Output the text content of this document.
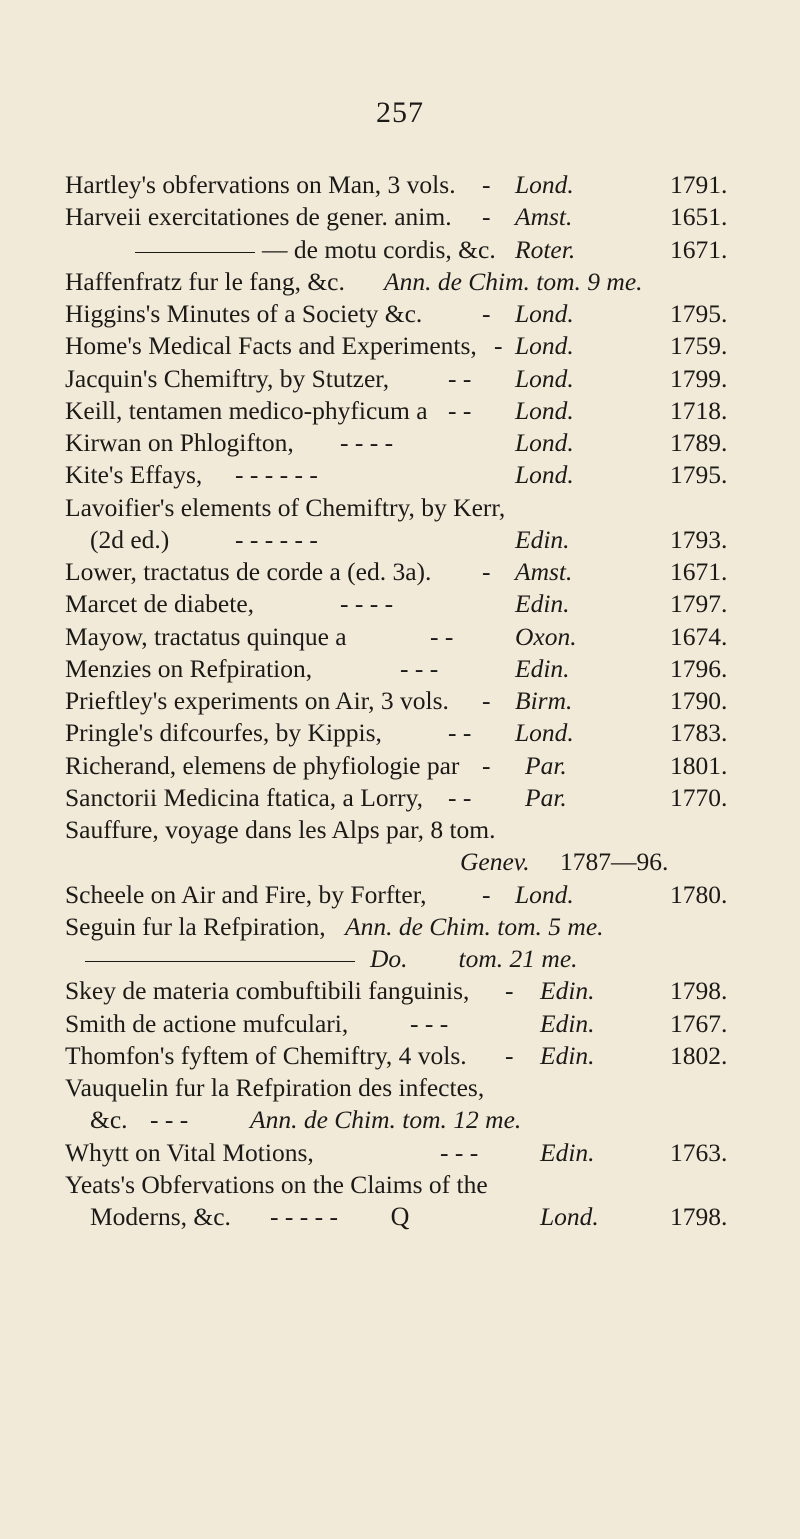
257
Hartley's obfervations on Man, 3 vols. - Lond.	1791.
Harveii exercitationes de gener. anim. - Amst.	1651.
— de motu cordis, &c. Roter.	1671.
Haffenfratz fur le fang, &c. Ann. de Chim. tom. 9 me.
Higgins's Minutes of a Society &c. - Lond.	1795.
Home's Medical Facts and Experiments, - Lond.	1759.
Jacquin's Chemiftry, by Stutzer, - - Lond.	1799.
Keill, tentamen medico-phyficum a - - Lond.	1718.
Kirwan on Phlogifton, - - - -	Lond.	1789.
Kite's Effays, - - - - - -	Lond.	1795.
Lavoifier's elements of Chemiftry, by Kerr,
(2d ed.)	- - - - - -	Edin.	1793.
Lower, tractatus de corde a (ed. 3a). - Amst.	1671.
Marcet de diabete,	- - - -	Edin.	1797.
Mayow, tractatus quinque a	- - Oxon.	1674.
Menzies on Refpiration,	- - -	Edin.	1796.
Prieftley's experiments on Air, 3 vols. - Birm.	1790.
Pringle's difcourfes, by Kippis,	- - Lond.	1783.
Richerand, elemens de phyfiologie par - Par.	1801.
Sanctorii Medicina ftatica, a Lorry, - - Par.	1770.
Sauffure, voyage dans les Alps par, 8 tom.
Genev. 1787—96.
Scheele on Air and Fire, by Forfter, - Lond.	1780.
Seguin fur la Refpiration, Ann. de Chim. tom. 5 me.
Do.        tom. 21 me.
Skey de materia combuftibili fanguinis, - Edin.	1798.
Smith de actione mufculari, - - -	Edin.	1767.
Thomfon's fyftem of Chemiftry, 4 vols. - Edin.	1802.
Vauquelin fur la Refpiration des infectes,
&c. - - - Ann. de Chim. tom. 12 me.
Whytt on Vital Motions,	- - - Edin.	1763.
Yeats's Obfervations on the Claims of the
Moderns, &c. - - - - -	Lond.	1798.
Q
